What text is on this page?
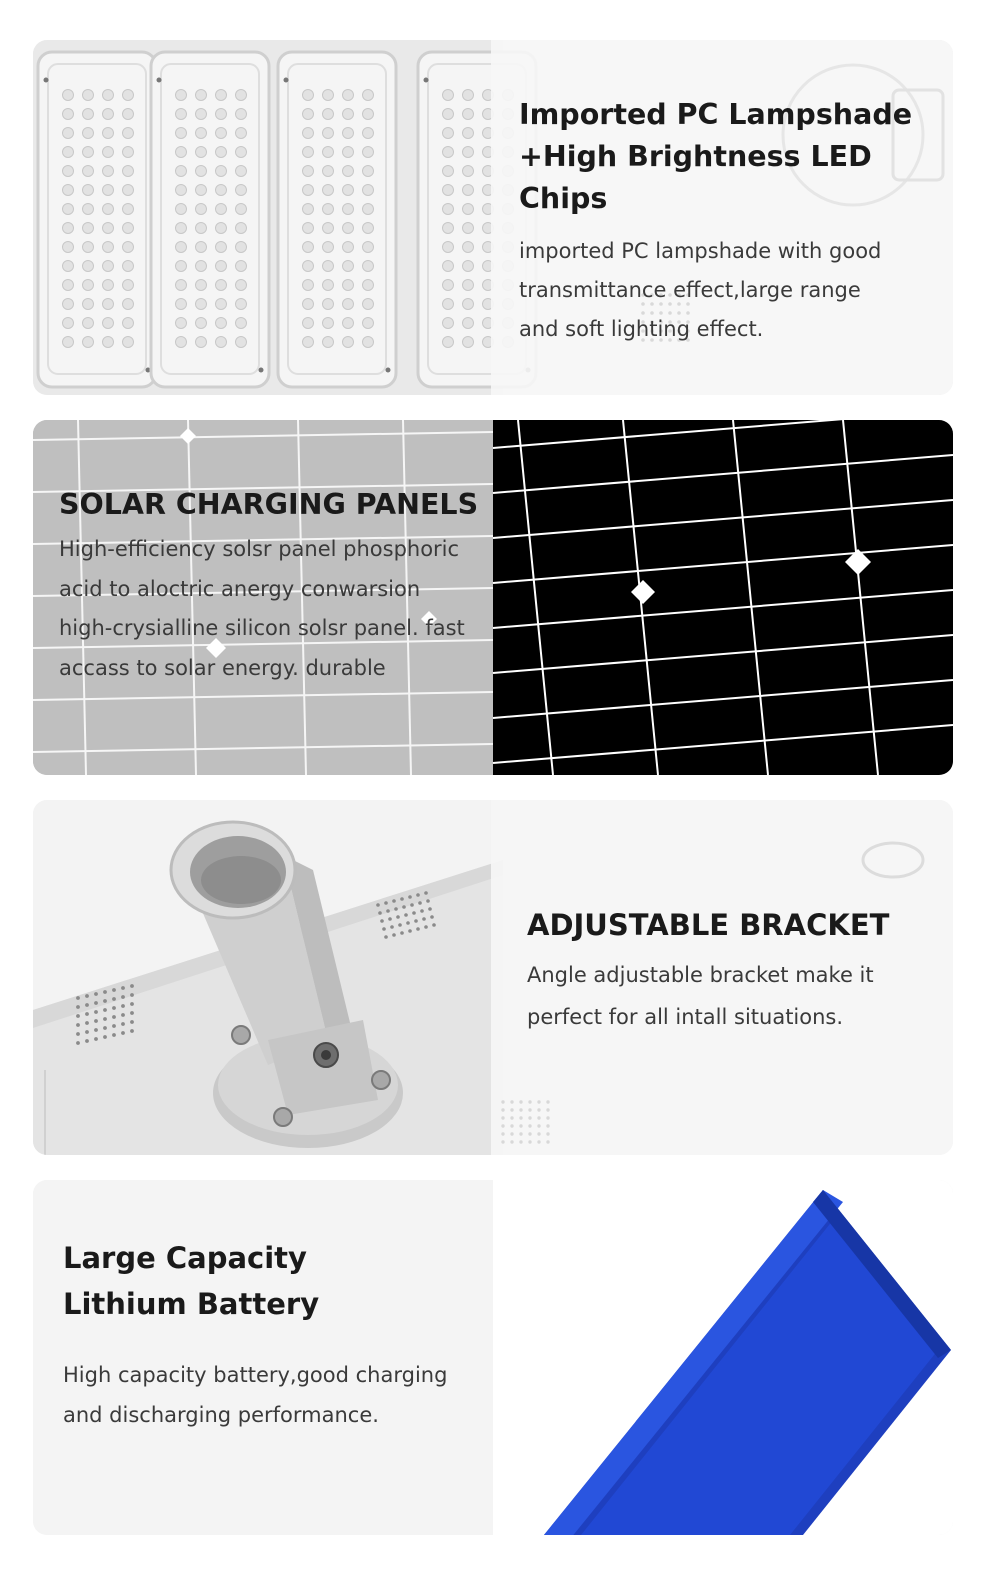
Imported PC Lampshade
+High Brightness LED Chips
imported PC lampshade with good
transmittance effect,large range
and soft lighting effect.
SOLAR CHARGING PANELS
High-efficiency solsr panel phosphoric
acid to aloctric anergy conwarsion
high-crysialline silicon solsr panel. fast
accass to solar energy. durable
ADJUSTABLE BRACKET
Angle adjustable bracket make it
perfect for all intall situations.
Large Capacity
Lithium Battery
High capacity battery,good charging
and discharging performance.
